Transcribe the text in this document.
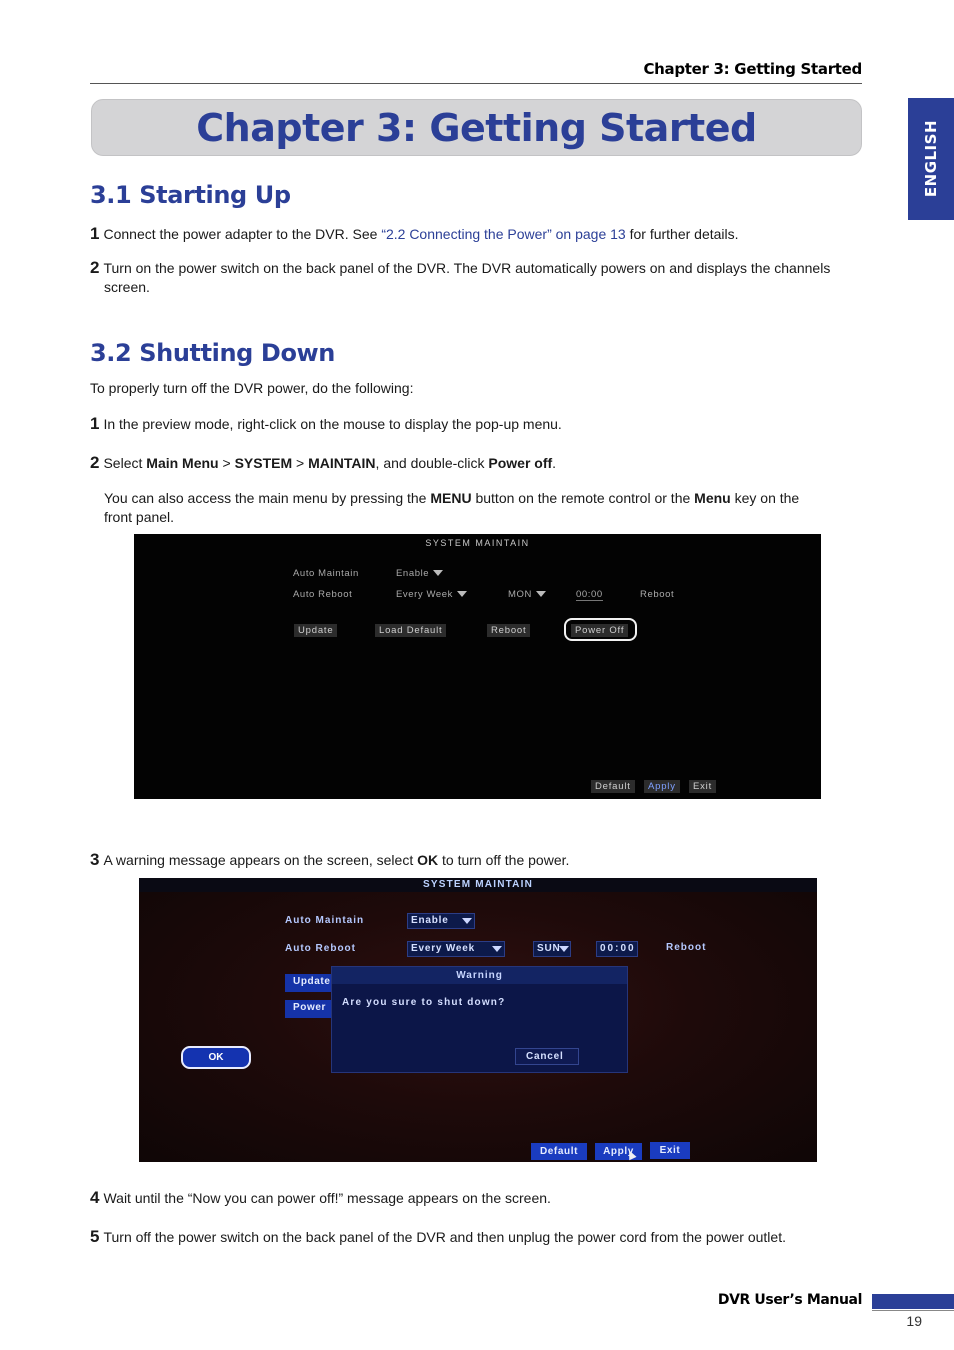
Chapter 3: Getting Started
Chapter 3: Getting Started	ENGLISH
3.1 Starting Up
1 Connect the power adapter to the DVR. See “2.2 Connecting the Power” on page 13 for further details.
2 Turn on the power switch on the back panel of the DVR. The DVR automatically powers on and displays the channels
screen.
3.2 Shutting Down
To properly turn off the DVR power, do the following:
1 In the preview mode, right-click on the mouse to display the pop-up menu.
2 Select Main Menu > SYSTEM > MAINTAIN, and double-click Power off.
You can also access the main menu by pressing the MENU button on the remote control or the Menu key on the
front panel.
SYSTEM MAINTAIN
Auto Maintain	Enable
Auto Reboot	Every Week	MON	00:00	Reboot
Update	Load Default	Reboot	Power Off
Default	Apply	Exit
3 A warning message appears on the screen, select OK to turn off the power.
SYSTEM MAINTAIN
Auto Maintain	Enable
Auto Reboot	Every Week	SUN	00:00	Reboot
Update
Power
Warning
Are you sure to shut down?
OK	Cancel
Default	Apply	Exit
4 Wait until the “Now you can power off!” message appears on the screen.
5 Turn off the power switch on the back panel of the DVR and then unplug the power cord from the power outlet.
DVR User’s Manual
19
